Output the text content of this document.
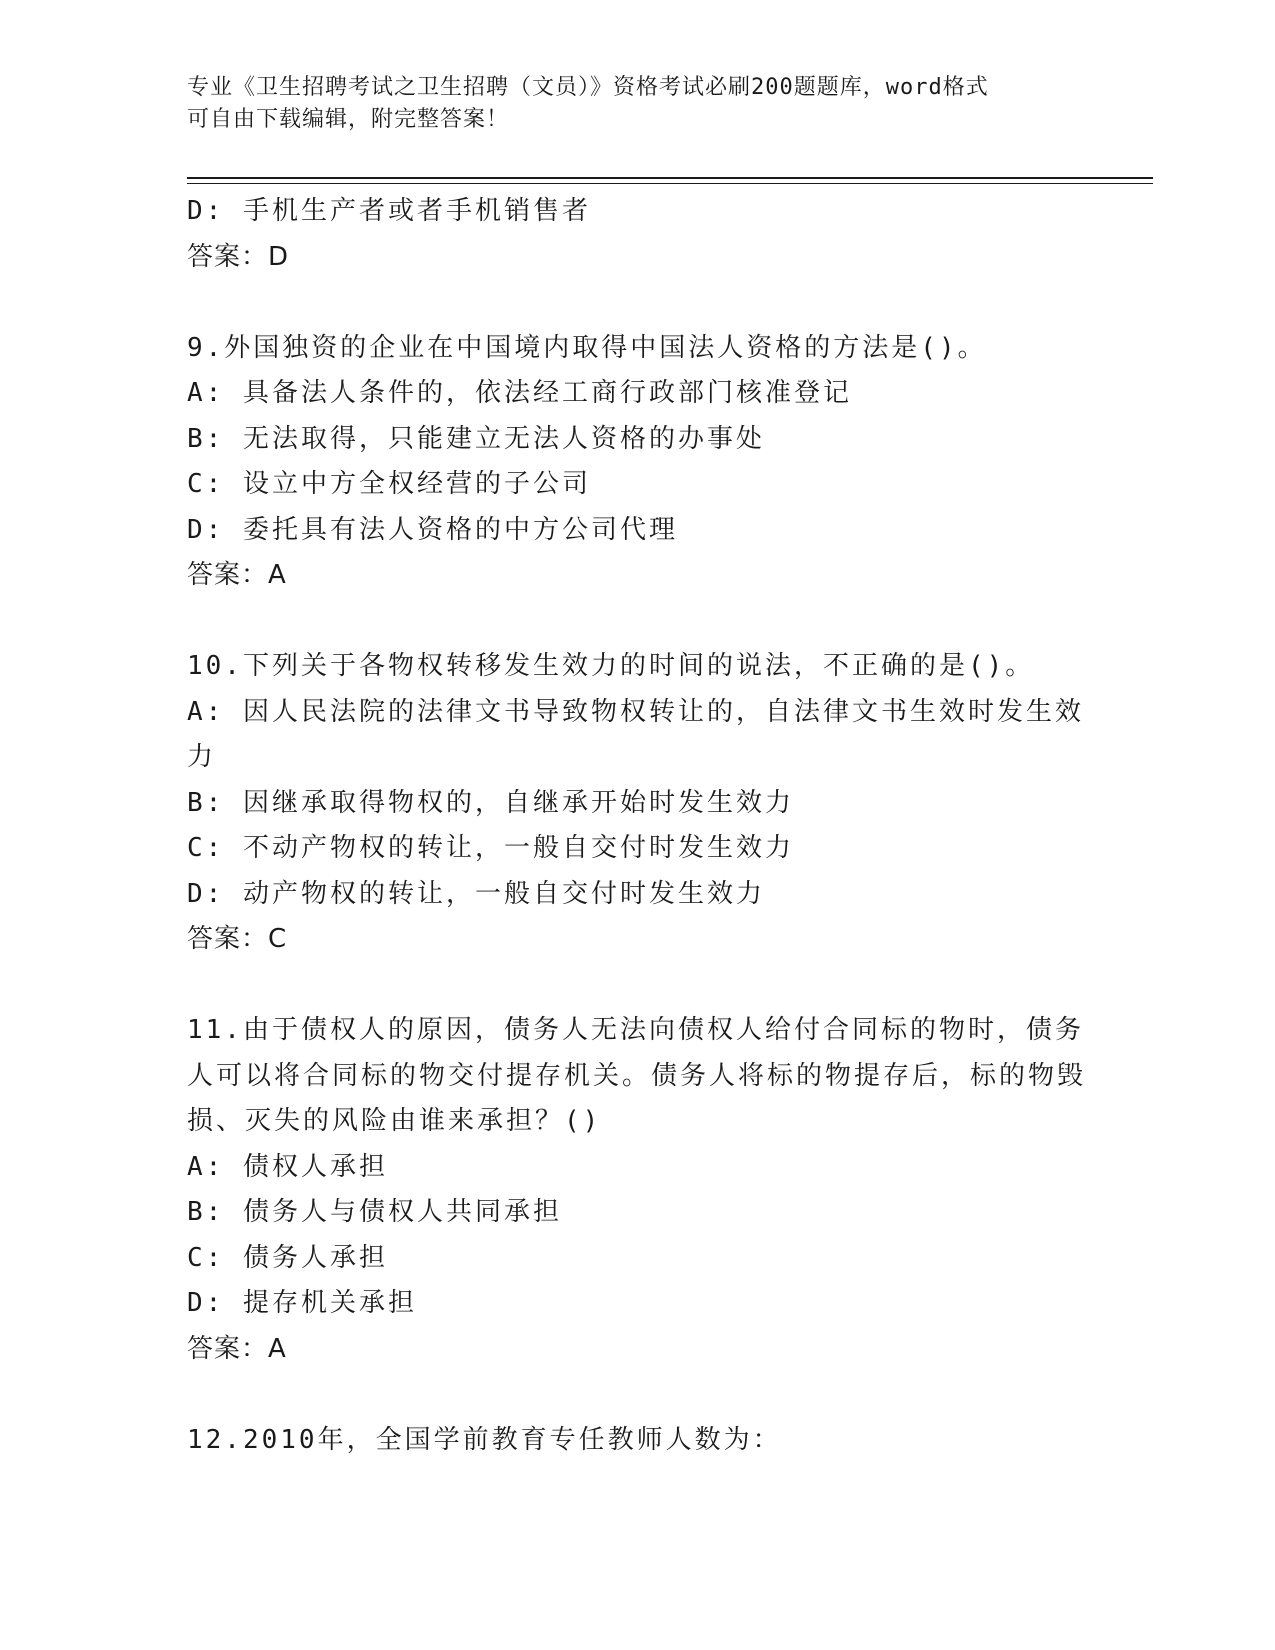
专业《卫生招聘考试之卫生招聘（文员）》资格考试必刷200题题库，word格式
可自由下载编辑，附完整答案！
D: 手机生产者或者手机销售者
答案：D
9.外国独资的企业在中国境内取得中国法人资格的方法是()。
A: 具备法人条件的，依法经工商行政部门核准登记
B: 无法取得，只能建立无法人资格的办事处
C: 设立中方全权经营的子公司
D: 委托具有法人资格的中方公司代理
答案：A
10.下列关于各物权转移发生效力的时间的说法，不正确的是()。
A: 因人民法院的法律文书导致物权转让的，自法律文书生效时发生效力
B: 因继承取得物权的，自继承开始时发生效力
C: 不动产物权的转让，一般自交付时发生效力
D: 动产物权的转让，一般自交付时发生效力
答案：C
11.由于债权人的原因，债务人无法向债权人给付合同标的物时，债务人可以将合同标的物交付提存机关。债务人将标的物提存后，标的物毁损、灭失的风险由谁来承担？()
A: 债权人承担
B: 债务人与债权人共同承担
C: 债务人承担
D: 提存机关承担
答案：A
12.2010年，全国学前教育专任教师人数为：
